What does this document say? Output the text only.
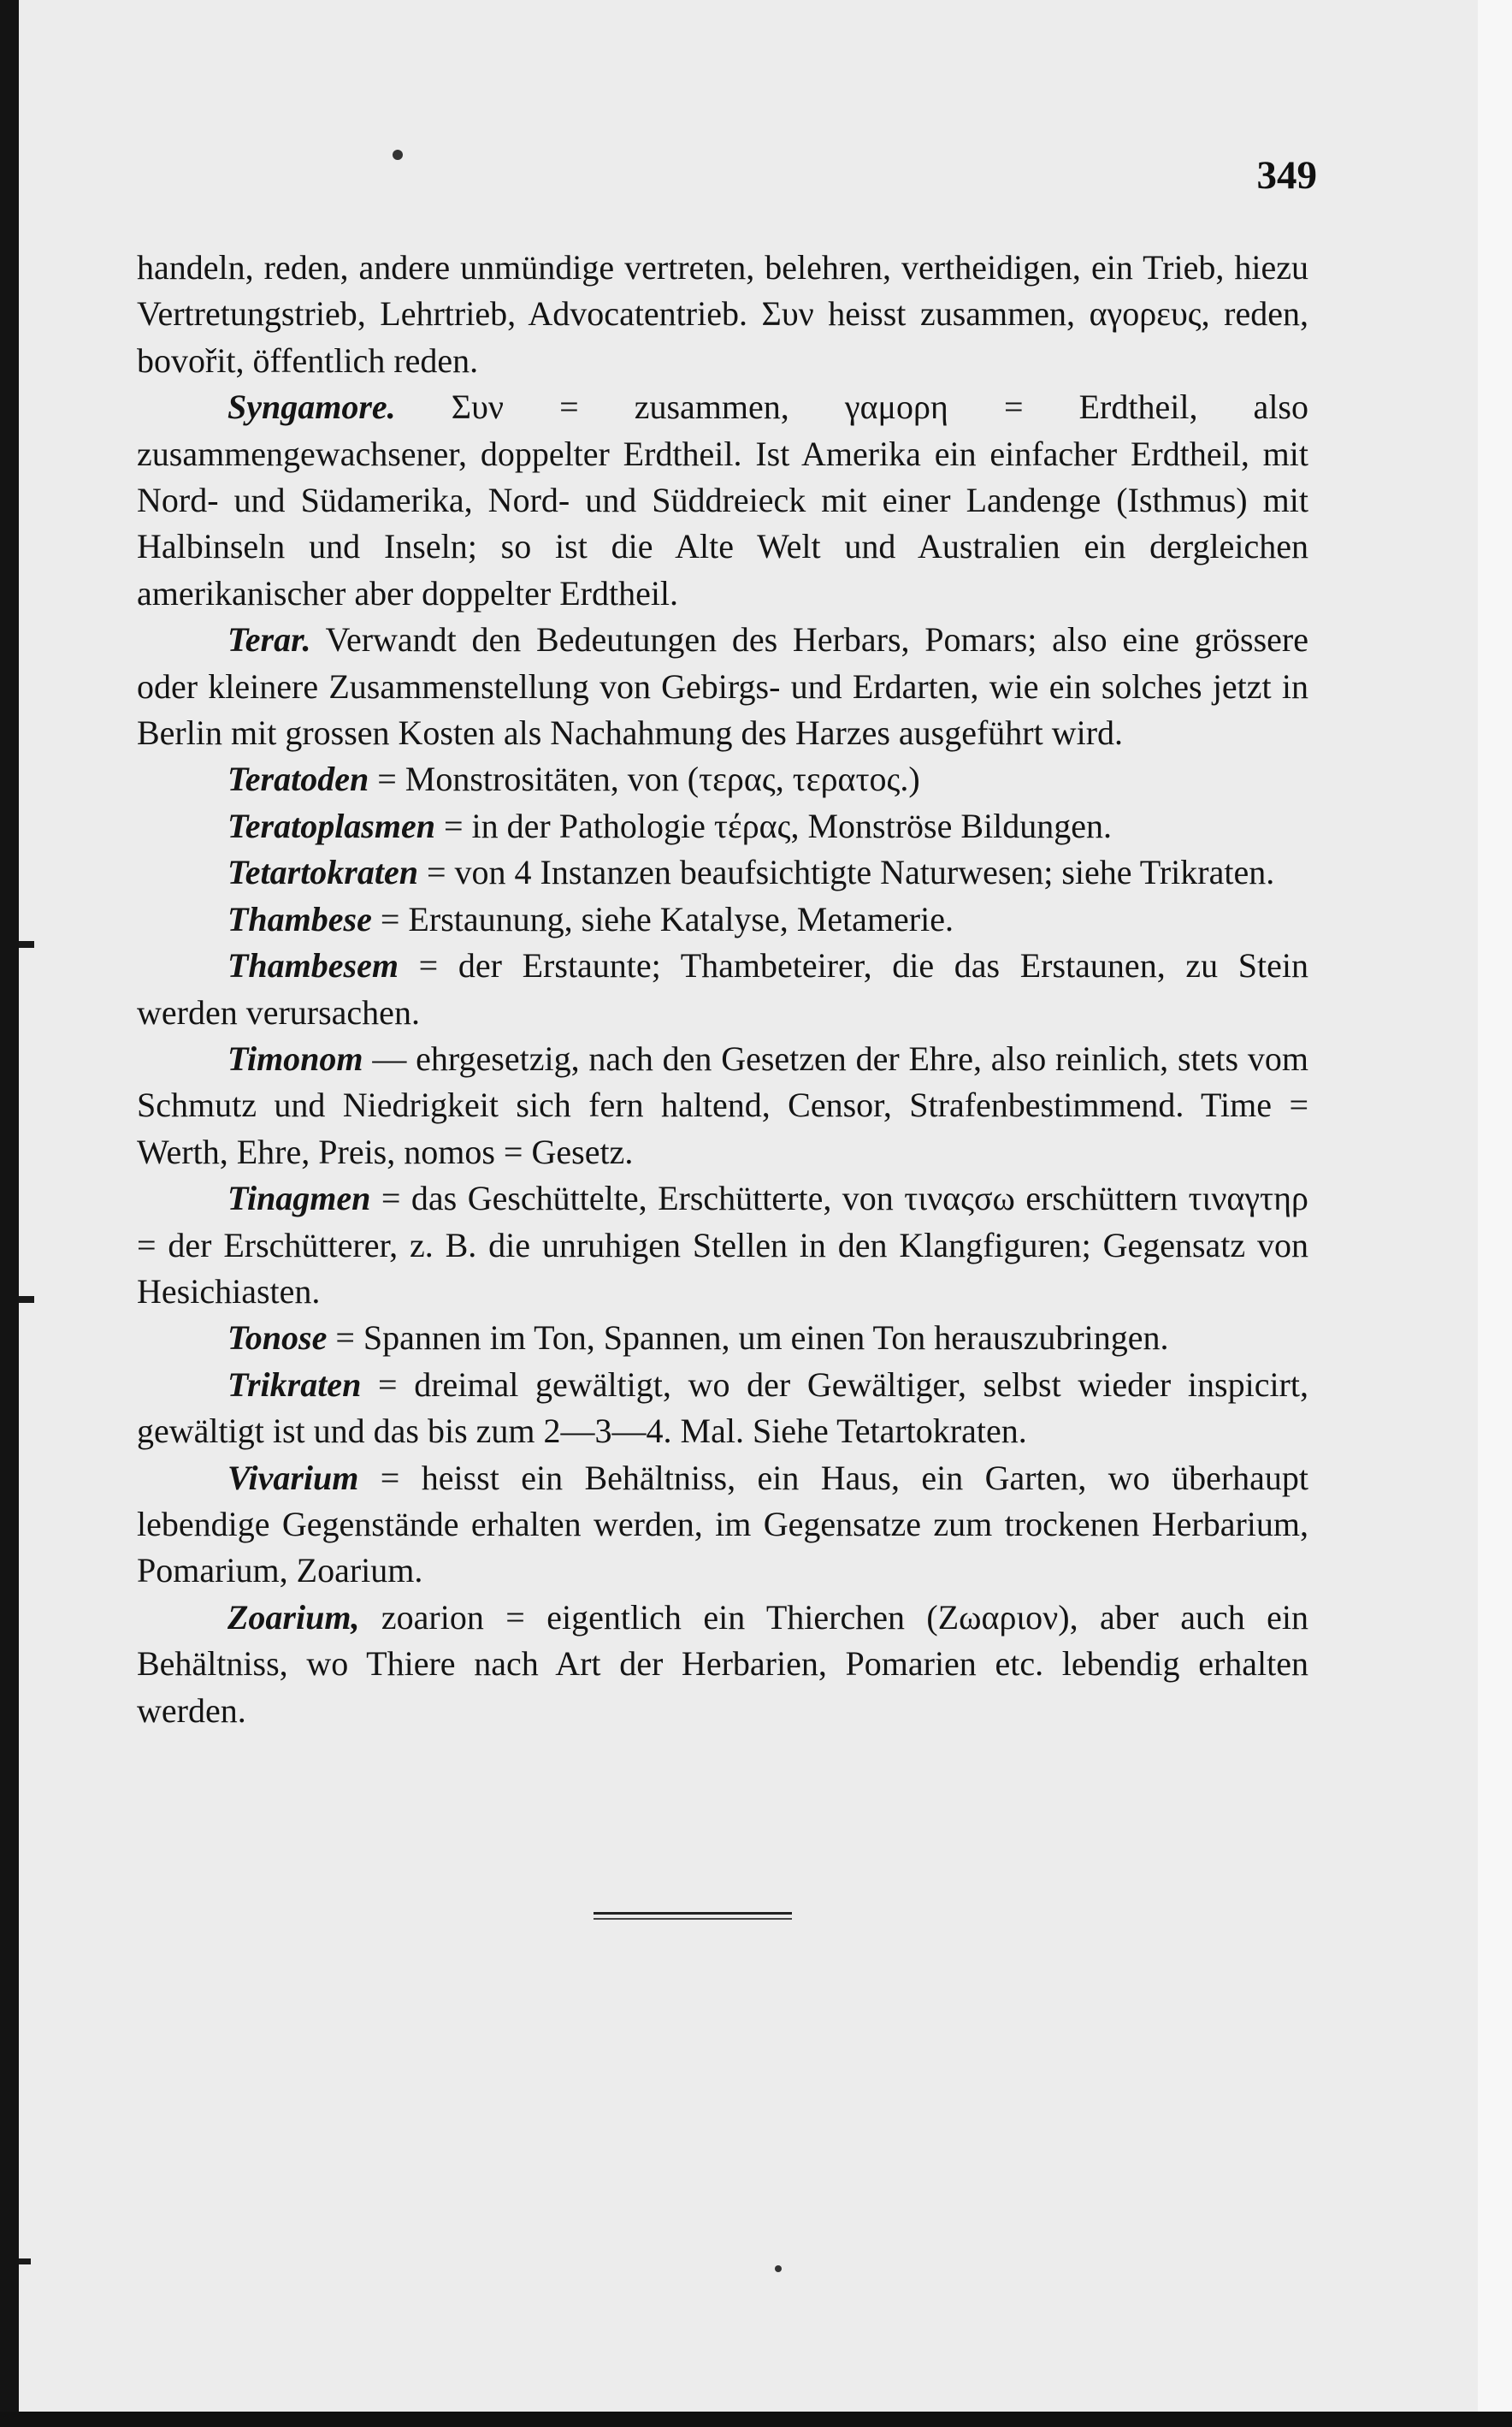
349

handeln, reden, andere unmündige vertreten, belehren, vertheidigen, ein Trieb, hiezu Vertretungstrieb, Lehrtrieb, Advocatentrieb. Συν heisst zusammen, αγορευς, reden, bovořit, öffentlich reden.

Syngamore. Συν = zusammen, γαμορη = Erdtheil, also zusammengewachsener, doppelter Erdtheil. Ist Amerika ein einfacher Erdtheil, mit Nord- und Südamerika, Nord- und Süddreieck mit einer Landenge (Isthmus) mit Halbinseln und Inseln; so ist die Alte Welt und Australien ein dergleichen amerikanischer aber doppelter Erdtheil.

Terar. Verwandt den Bedeutungen des Herbars, Pomars; also eine grössere oder kleinere Zusammenstellung von Gebirgs- und Erdarten, wie ein solches jetzt in Berlin mit grossen Kosten als Nachahmung des Harzes ausgeführt wird.

Teratoden = Monstrositäten, von (τερας, τερατος.)

Teratoplasmen = in der Pathologie τέρας, Monströse Bildungen.

Tetartokraten = von 4 Instanzen beaufsichtigte Naturwesen; siehe Trikraten.

Thambese = Erstaunung, siehe Katalyse, Metamerie.

Thambesem = der Erstaunte; Thambeteirer, die das Erstaunen, zu Stein werden verursachen.

Timonom — ehrgesetzig, nach den Gesetzen der Ehre, also reinlich, stets vom Schmutz und Niedrigkeit sich fern haltend, Censor, Strafenbestimmend. Time = Werth, Ehre, Preis, nomos = Gesetz.

Tinagmen = das Geschüttelte, Erschütterte, von τιναςσω erschüttern τιναγτηρ = der Erschütterer, z. B. die unruhigen Stellen in den Klangfiguren; Gegensatz von Hesichiasten.

Tonose = Spannen im Ton, Spannen, um einen Ton herauszubringen.

Trikraten = dreimal gewältigt, wo der Gewältiger, selbst wieder inspicirt, gewältigt ist und das bis zum 2—3—4. Mal. Siehe Tetartokraten.

Vivarium = heisst ein Behältniss, ein Haus, ein Garten, wo überhaupt lebendige Gegenstände erhalten werden, im Gegensatze zum trockenen Herbarium, Pomarium, Zoarium.

Zoarium, zoarion = eigentlich ein Thierchen (Ζωαριον), aber auch ein Behältniss, wo Thiere nach Art der Herbarien, Pomarien etc. lebendig erhalten werden.
